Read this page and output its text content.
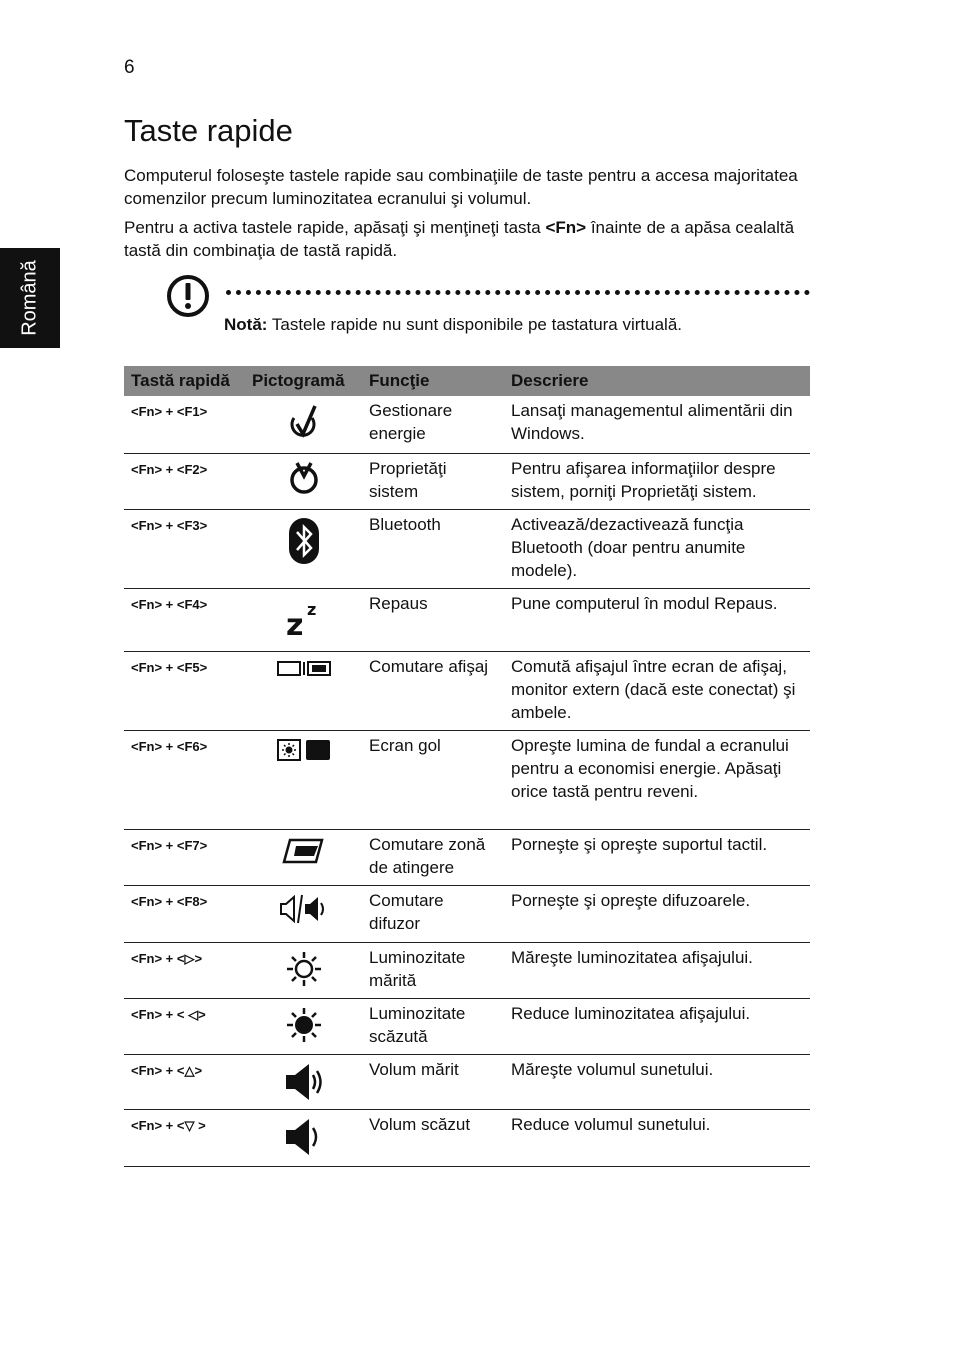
6
Română
Taste rapide

Computerul foloseşte tastele rapide sau combinaţiile de taste pentru a accesa majoritatea comenzilor precum luminozitatea ecranului şi volumul.

Pentru a activa tastele rapide, apăsaţi şi menţineţi tasta <Fn> înainte de a apăsa cealaltă tastă din combinaţia de tastă rapidă.

Notă: Tastele rapide nu sunt disponibile pe tastatura virtuală.
Tastă rapidă	Pictogramă	Funcţie	Descriere
<Fn> + <F1>		Gestionare energie	Lansaţi managementul alimentării din Windows.
<Fn> + <F2>		Proprietăţi sistem	Pentru afişarea informaţiilor despre sistem, porniţi Proprietăţi sistem.
<Fn> + <F3>		Bluetooth	Activează/dezactivează funcţia Bluetooth (doar pentru anumite modele).
<Fn> + <F4>	z z	Repaus	Pune computerul în modul Repaus.
<Fn> + <F5>		Comutare afişaj	Comută afişajul între ecran de afişaj, monitor extern (dacă este conectat) şi ambele.
<Fn> + <F6>		Ecran gol	Opreşte lumina de fundal a ecranului pentru a economisi energie. Apăsaţi orice tastă pentru reveni.
<Fn> + <F7>		Comutare zonă de atingere	Porneşte şi opreşte suportul tactil.
<Fn> + <F8>		Comutare difuzor	Porneşte şi opreşte difuzoarele.
<Fn> + <▷>		Luminozitate mărită	Măreşte luminozitatea afişajului.
<Fn> + < ◁>		Luminozitate scăzută	Reduce luminozitatea afişajului.
<Fn> + <△>		Volum mărit	Măreşte volumul sunetului.
<Fn> + <▽ >		Volum scăzut	Reduce volumul sunetului.
